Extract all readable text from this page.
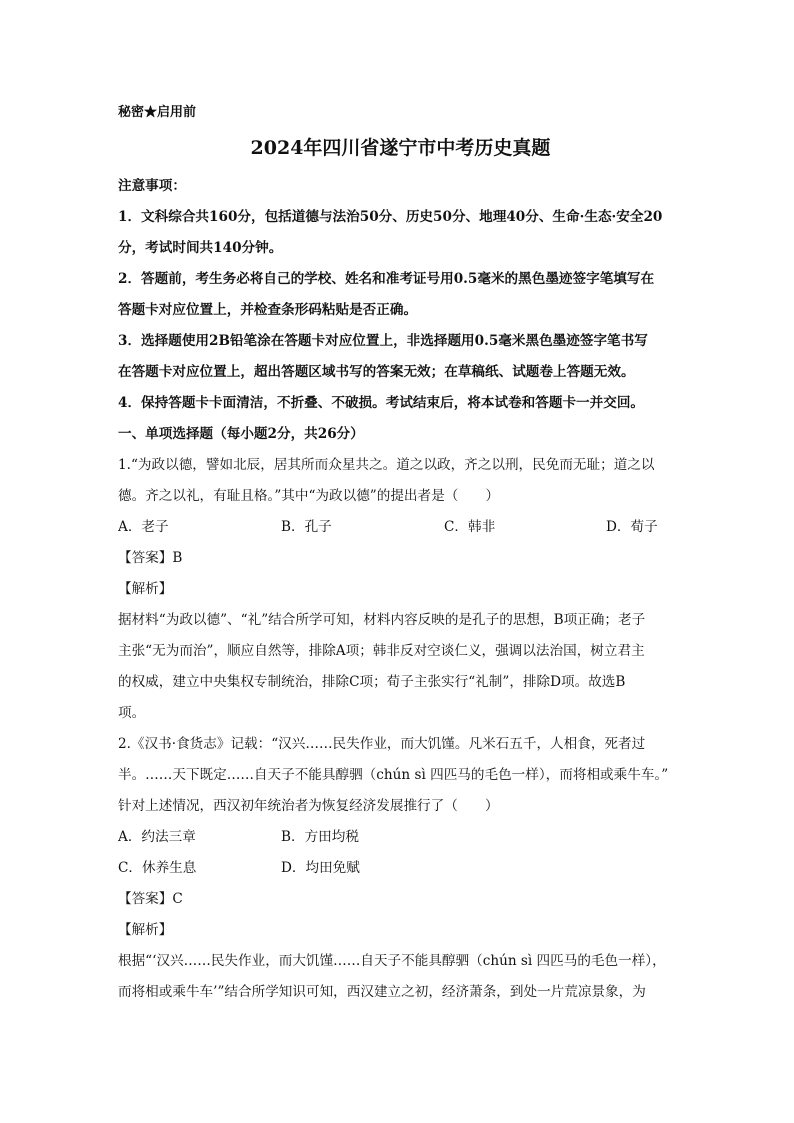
秘密★启用前
2024年四川省遂宁市中考历史真题
注意事项：
1．文科综合共160分，包括道德与法治50分、历史50分、地理40分、生命·生态·安全20
分，考试时间共140分钟。
2．答题前，考生务必将自己的学校、姓名和准考证号用0.5毫米的黑色墨迹签字笔填写在
答题卡对应位置上，并检查条形码粘贴是否正确。
3．选择题使用2B铅笔涂在答题卡对应位置上，非选择题用0.5毫米黑色墨迹签字笔书写
在答题卡对应位置上，超出答题区域书写的答案无效；在草稿纸、试题卷上答题无效。
4．保持答题卡卡面清洁，不折叠、不破损。考试结束后，将本试卷和答题卡一并交回。
一、单项选择题（每小题2分，共26分）
1.“为政以德，譬如北辰，居其所而众星共之。道之以政，齐之以刑，民免而无耻；道之以
德。齐之以礼，有耻且格。”其中“为政以德”的提出者是（　　）
A．老子	B．孔子	C．韩非	D．荀子
【答案】B
【解析】
据材料“为政以德”、“礼”结合所学可知，材料内容反映的是孔子的思想，B项正确；老子
主张“无为而治”，顺应自然等，排除A项；韩非反对空谈仁义，强调以法治国，树立君主
的权威，建立中央集权专制统治，排除C项；荀子主张实行“礼制”，排除D项。故选B
项。
2.《汉书·食货志》记载：“汉兴……民失作业，而大饥馑。凡米石五千，人相食，死者过
半。……天下既定……自天子不能具醇驷（chún sì 四匹马的毛色一样），而将相或乘牛车。”
针对上述情况，西汉初年统治者为恢复经济发展推行了（　　）
A．约法三章	B．方田均税
C．休养生息	D．均田免赋
【答案】C
【解析】
根据“‘汉兴……民失作业，而大饥馑……自天子不能具醇驷（chún sì 四匹马的毛色一样），
而将相或乘牛车’”结合所学知识可知，西汉建立之初，经济萧条，到处一片荒凉景象，为
